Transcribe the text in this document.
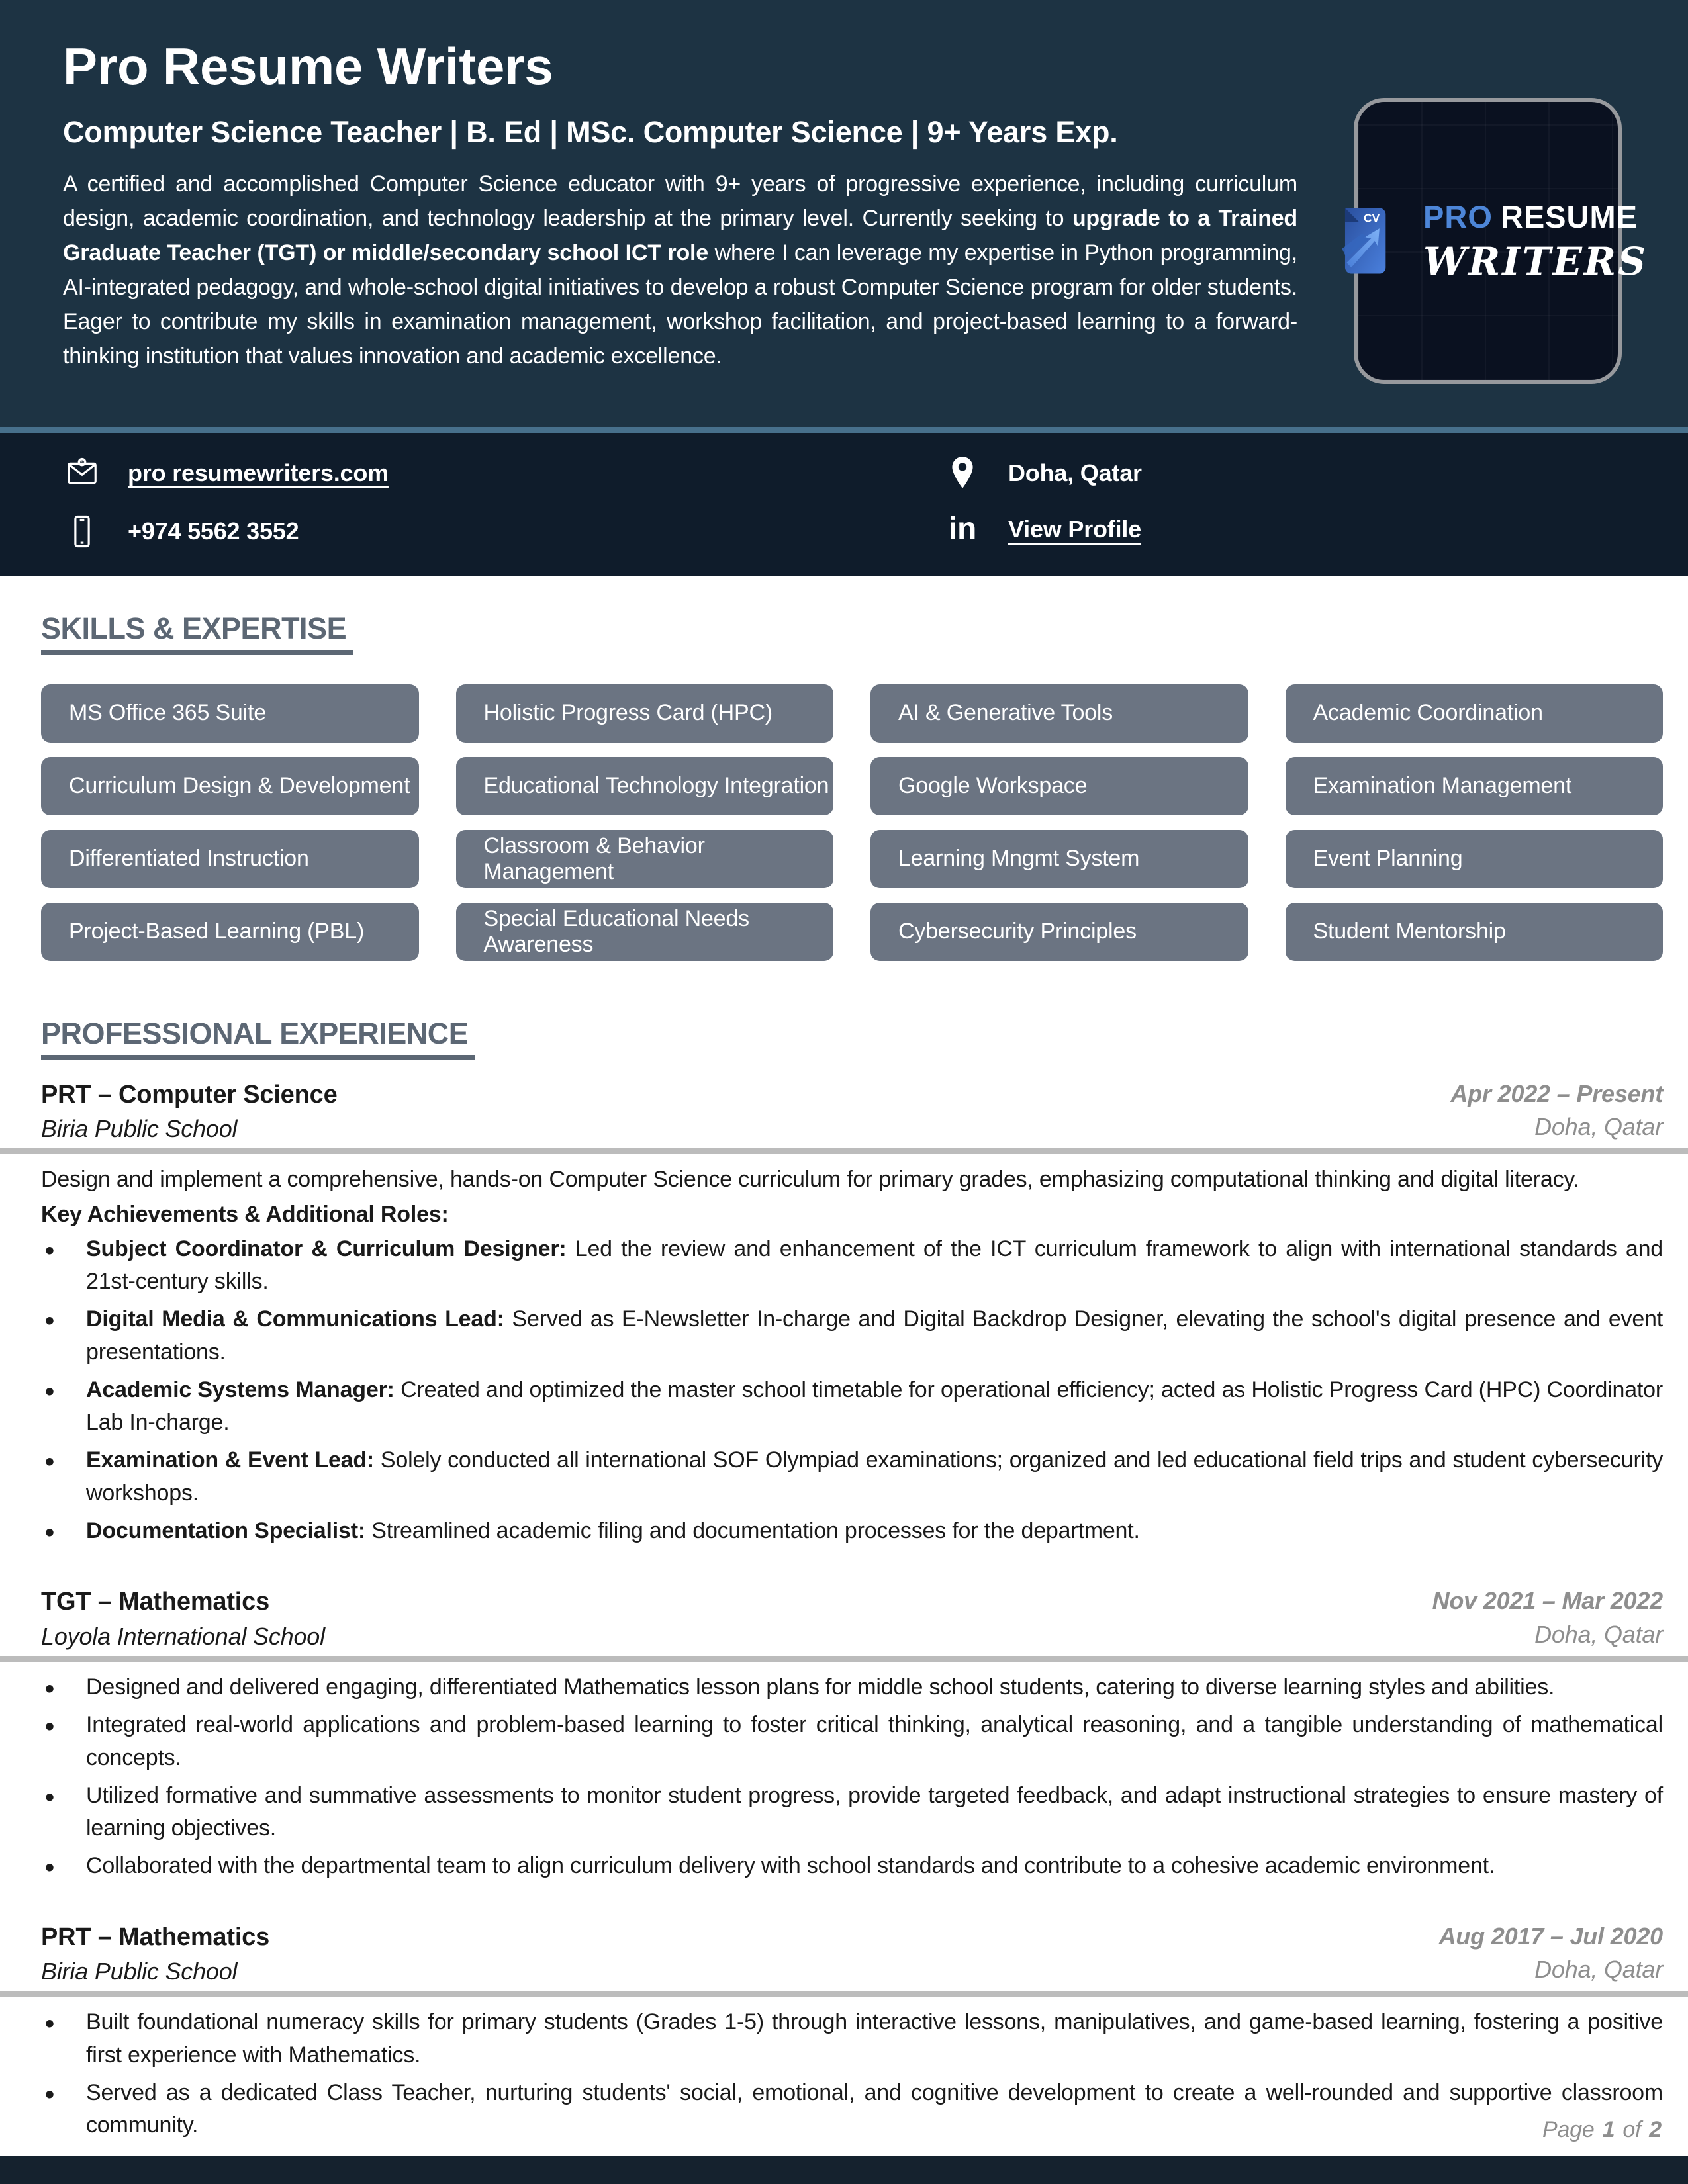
Pro Resume Writers
Computer Science Teacher | B. Ed | MSc. Computer Science | 9+ Years Exp.

A certified and accomplished Computer Science educator with 9+ years of progressive experience, including curriculum design, academic coordination, and technology leadership at the primary level. Currently seeking to upgrade to a Trained Graduate Teacher (TGT) or middle/secondary school ICT role where I can leverage my expertise in Python programming, AI-integrated pedagogy, and whole-school digital initiatives to develop a robust Computer Science program for older students. Eager to contribute my skills in examination management, workshop facilitation, and project-based learning to a forward-thinking institution that values innovation and academic excellence.

CV PRO RESUME
WRITERS
@ pro resumewriters.com
+974 5562 3552
Doha, Qatar
in View Profile
SKILLS & EXPERTISE
MS Office 365 Suite	Holistic Progress Card (HPC)	AI & Generative Tools	Academic Coordination
Curriculum Design & Development	Educational Technology Integration	Google Workspace	Examination Management
Differentiated Instruction
Classroom & Behavior Management
Learning Mngmt System	Event Planning
Project-Based Learning (PBL)
Special Educational Needs Awareness
Cybersecurity Principles	Student Mentorship
PROFESSIONAL EXPERIENCE
PRT – Computer Science
Biria Public School
Apr 2022 – Present
Doha, Qatar

Design and implement a comprehensive, hands-on Computer Science curriculum for primary grades, emphasizing computational thinking and digital literacy.

Key Achievements & Additional Roles:

• Subject Coordinator & Curriculum Designer: Led the review and enhancement of the ICT curriculum framework to align with international standards and 21st-century skills.
• Digital Media & Communications Lead: Served as E-Newsletter In-charge and Digital Backdrop Designer, elevating the school's digital presence and event presentations.
• Academic Systems Manager: Created and optimized the master school timetable for operational efficiency; acted as Holistic Progress Card (HPC) Coordinator Lab In-charge.
• Examination & Event Lead: Solely conducted all international SOF Olympiad examinations; organized and led educational field trips and student cybersecurity workshops.
• Documentation Specialist: Streamlined academic filing and documentation processes for the department.
TGT – Mathematics
Loyola International School
Nov 2021 – Mar 2022
Doha, Qatar
• Designed and delivered engaging, differentiated Mathematics lesson plans for middle school students, catering to diverse learning styles and abilities.
• Integrated real-world applications and problem-based learning to foster critical thinking, analytical reasoning, and a tangible understanding of mathematical concepts.
• Utilized formative and summative assessments to monitor student progress, provide targeted feedback, and adapt instructional strategies to ensure mastery of learning objectives.
• Collaborated with the departmental team to align curriculum delivery with school standards and contribute to a cohesive academic environment.
PRT – Mathematics
Biria Public School
Aug 2017 – Jul 2020
Doha, Qatar
• Built foundational numeracy skills for primary students (Grades 1-5) through interactive lessons, manipulatives, and game-based learning, fostering a positive first experience with Mathematics.
• Served as a dedicated Class Teacher, nurturing students' social, emotional, and cognitive development to create a well-rounded and supportive classroom community.	Page 1 of 2
